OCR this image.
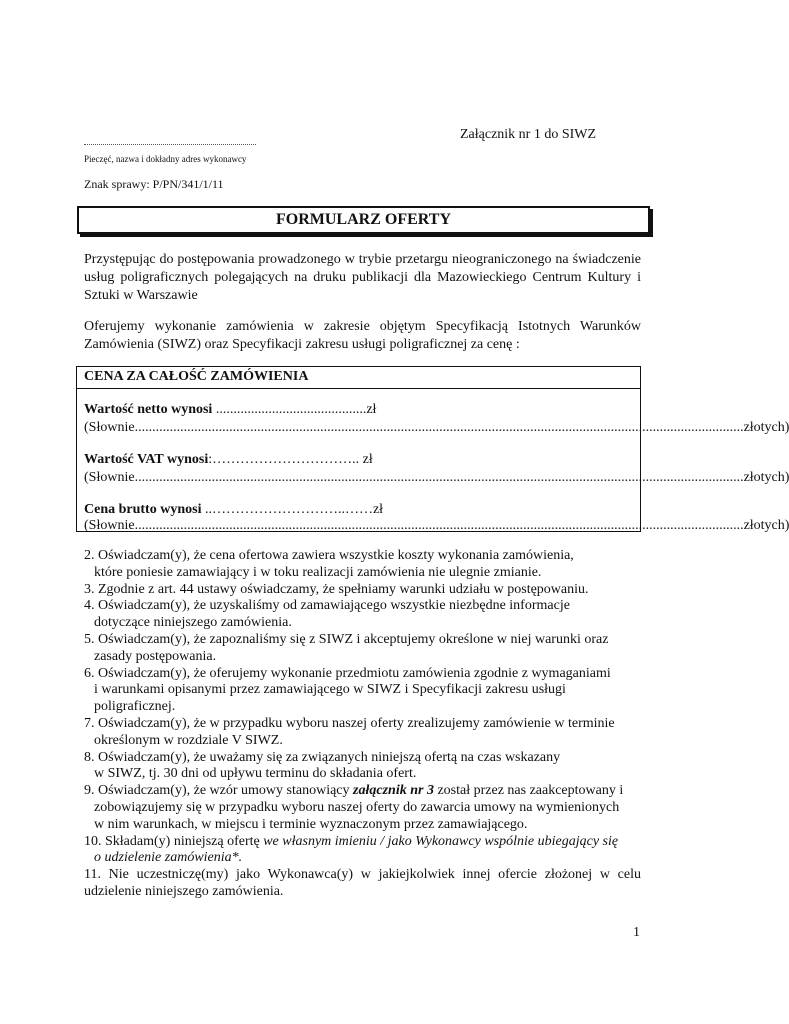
Załącznik nr 1 do SIWZ
Pieczęć, nazwa i dokładny adres wykonawcy
Znak sprawy: P/PN/341/1/11
FORMULARZ OFERTY
Przystępując do postępowania prowadzonego w trybie przetargu nieograniczonego na świadczenie usług poligraficznych polegających na druku publikacji dla Mazowieckiego Centrum Kultury i Sztuki w Warszawie
Oferujemy wykonanie zamówienia w zakresie objętym Specyfikacją Istotnych Warunków Zamówienia (SIWZ) oraz Specyfikacji zakresu usługi poligraficznej za cenę :
CENA ZA CAŁOŚĆ ZAMÓWIENIA
Wartość netto wynosi ...........................................zł
(Słownie .............................................................................................................................................................................. złotych)
Wartość VAT wynosi:………………………….. zł
(Słownie .............................................................................................................................................................................. złotych)
Cena brutto wynosi ..………………………..……zł
(Słownie .............................................................................................................................................................................. złotych)
2. Oświadczam(y), że cena ofertowa zawiera wszystkie koszty wykonania zamówienia,
które poniesie zamawiający i w toku realizacji zamówienia nie ulegnie zmianie.
3. Zgodnie z art. 44 ustawy oświadczamy, że spełniamy warunki udziału w postępowaniu.
4. Oświadczam(y), że uzyskaliśmy od zamawiającego wszystkie niezbędne informacje
dotyczące niniejszego zamówienia.
5. Oświadczam(y), że zapoznaliśmy się z SIWZ i akceptujemy określone w niej warunki oraz
zasady postępowania.
6. Oświadczam(y), że oferujemy wykonanie przedmiotu zamówienia zgodnie z wymaganiami
i warunkami opisanymi przez zamawiającego w SIWZ i Specyfikacji zakresu usługi
poligraficznej.
7. Oświadczam(y), że w przypadku wyboru naszej oferty zrealizujemy zamówienie w terminie
określonym w rozdziale V SIWZ.
8. Oświadczam(y), że uważamy się za związanych niniejszą ofertą na czas wskazany
w SIWZ, tj. 30 dni od upływu terminu do składania ofert.
9. Oświadczam(y), że wzór umowy stanowiący załącznik nr 3 został przez nas zaakceptowany i
zobowiązujemy się w przypadku wyboru naszej oferty do zawarcia umowy na wymienionych
w nim warunkach, w miejscu i terminie wyznaczonym przez zamawiającego.
10. Składam(y) niniejszą ofertę we własnym imieniu / jako Wykonawcy wspólnie ubiegający się
o udzielenie zamówienia*.
11. Nie uczestniczę(my) jako Wykonawca(y) w jakiejkolwiek innej ofercie złożonej w celu udzielenie niniejszego zamówienia.
1
